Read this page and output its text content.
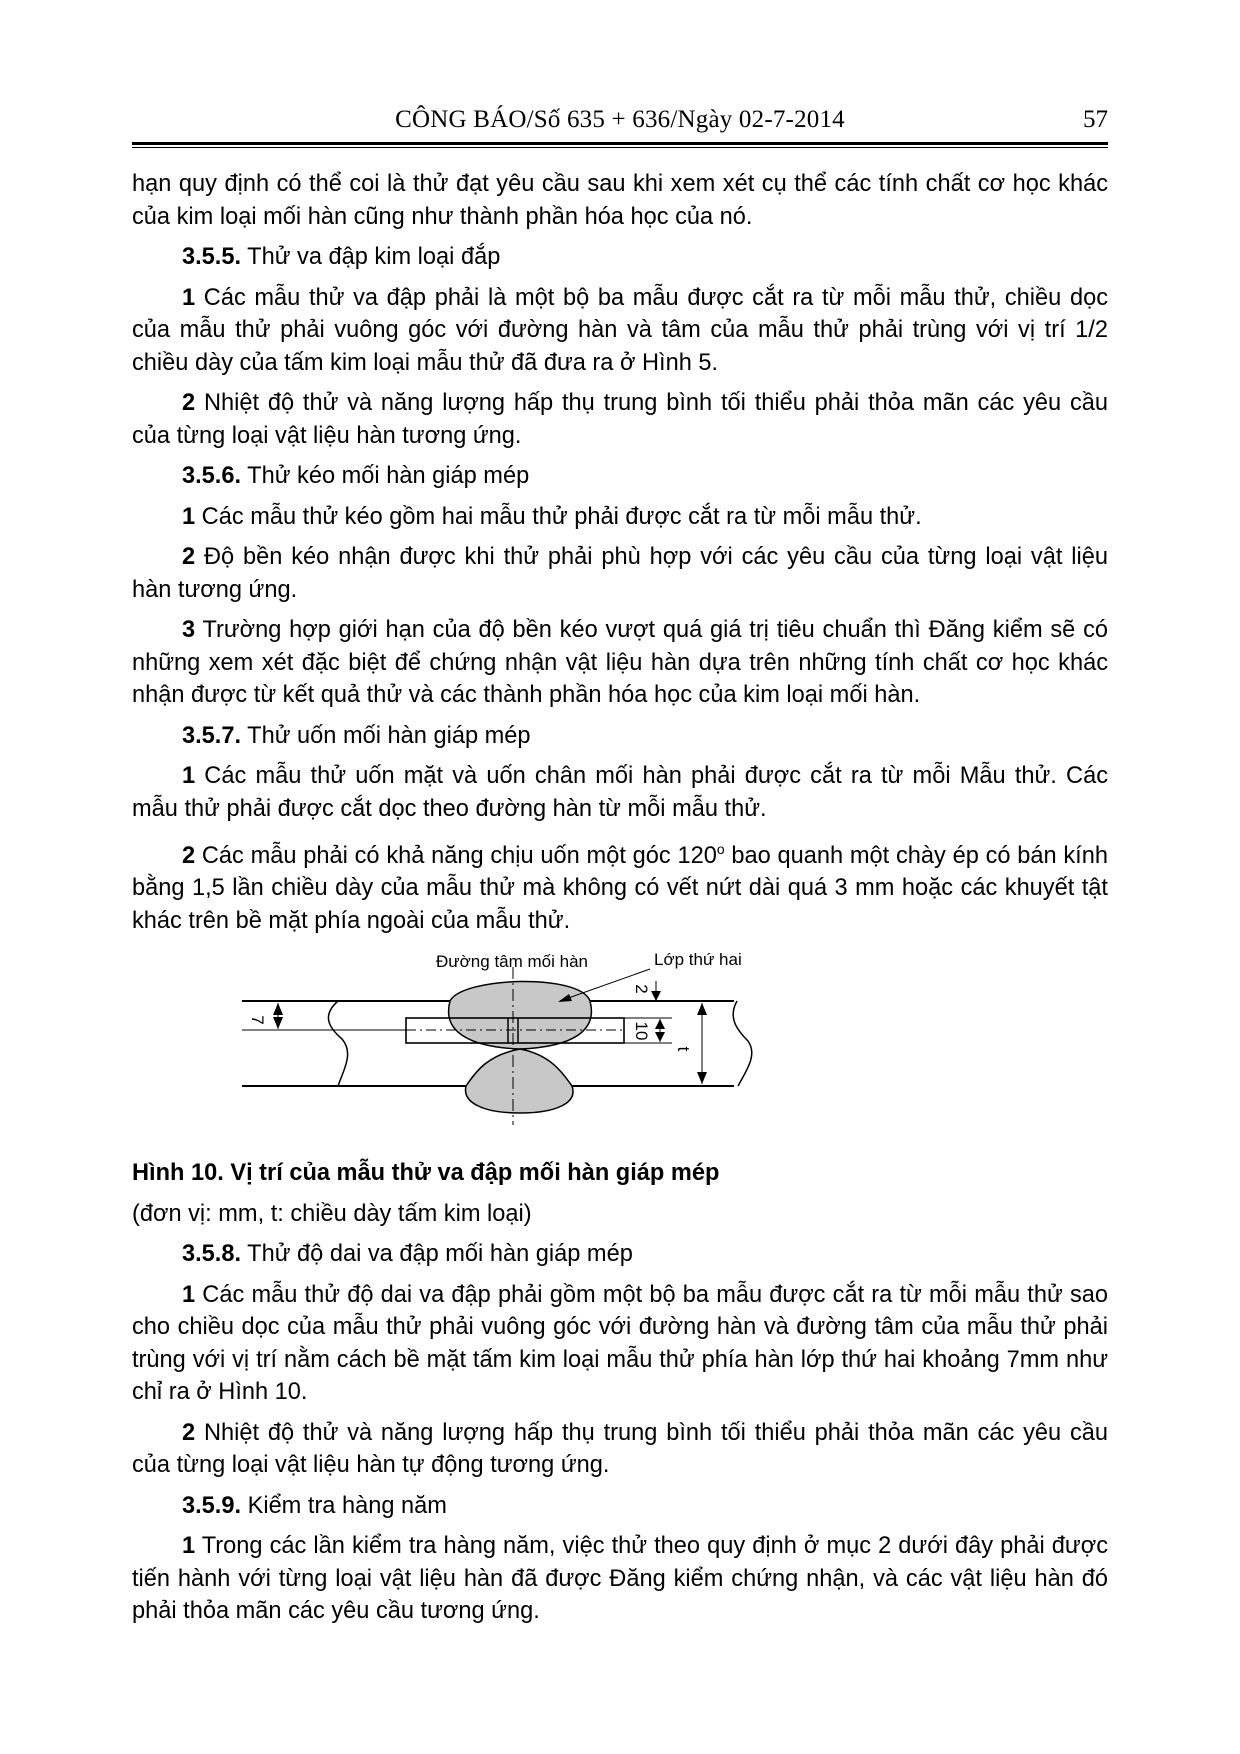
CÔNG BÁO/Số 635 + 636/Ngày 02-7-2014	57

hạn quy định có thể coi là thử đạt yêu cầu sau khi xem xét cụ thể các tính chất cơ học khác của kim loại mối hàn cũng như thành phần hóa học của nó.

3.5.5. Thử va đập kim loại đắp

1 Các mẫu thử va đập phải là một bộ ba mẫu được cắt ra từ mỗi mẫu thử, chiều dọc của mẫu thử phải vuông góc với đường hàn và tâm của mẫu thử phải trùng với vị trí 1/2 chiều dày của tấm kim loại mẫu thử đã đưa ra ở Hình 5.

2 Nhiệt độ thử và năng lượng hấp thụ trung bình tối thiểu phải thỏa mãn các yêu cầu của từng loại vật liệu hàn tương ứng.

3.5.6. Thử kéo mối hàn giáp mép

1 Các mẫu thử kéo gồm hai mẫu thử phải được cắt ra từ mỗi mẫu thử.

2 Độ bền kéo nhận được khi thử phải phù hợp với các yêu cầu của từng loại vật liệu hàn tương ứng.

3 Trường hợp giới hạn của độ bền kéo vượt quá giá trị tiêu chuẩn thì Đăng kiểm sẽ có những xem xét đặc biệt để chứng nhận vật liệu hàn dựa trên những tính chất cơ học khác nhận được từ kết quả thử và các thành phần hóa học của kim loại mối hàn.

3.5.7. Thử uốn mối hàn giáp mép

1 Các mẫu thử uốn mặt và uốn chân mối hàn phải được cắt ra từ mỗi Mẫu thử. Các mẫu thử phải được cắt dọc theo đường hàn từ mỗi mẫu thử.

2 Các mẫu phải có khả năng chịu uốn một góc 120$^o$ bao quanh một chày ép có bán kính bằng 1,5 lần chiều dày của mẫu thử mà không có vết nứt dài quá 3 mm hoặc các khuyết tật khác trên bề mặt phía ngoài của mẫu thử.

7
2
10
t
Đường tâm mối hàn	Lớp thứ hai

Hình 10. Vị trí của mẫu thử va đập mối hàn giáp mép

(đơn vị: mm, t: chiều dày tấm kim loại)

3.5.8. Thử độ dai va đập mối hàn giáp mép

1 Các mẫu thử độ dai va đập phải gồm một bộ ba mẫu được cắt ra từ mỗi mẫu thử sao cho chiều dọc của mẫu thử phải vuông góc với đường hàn và đường tâm của mẫu thử phải trùng với vị trí nằm cách bề mặt tấm kim loại mẫu thử phía hàn lớp thứ hai khoảng 7mm như chỉ ra ở Hình 10.

2 Nhiệt độ thử và năng lượng hấp thụ trung bình tối thiểu phải thỏa mãn các yêu cầu của từng loại vật liệu hàn tự động tương ứng.

3.5.9. Kiểm tra hàng năm

1 Trong các lần kiểm tra hàng năm, việc thử theo quy định ở mục 2 dưới đây phải được tiến hành với từng loại vật liệu hàn đã được Đăng kiểm chứng nhận, và các vật liệu hàn đó phải thỏa mãn các yêu cầu tương ứng.
